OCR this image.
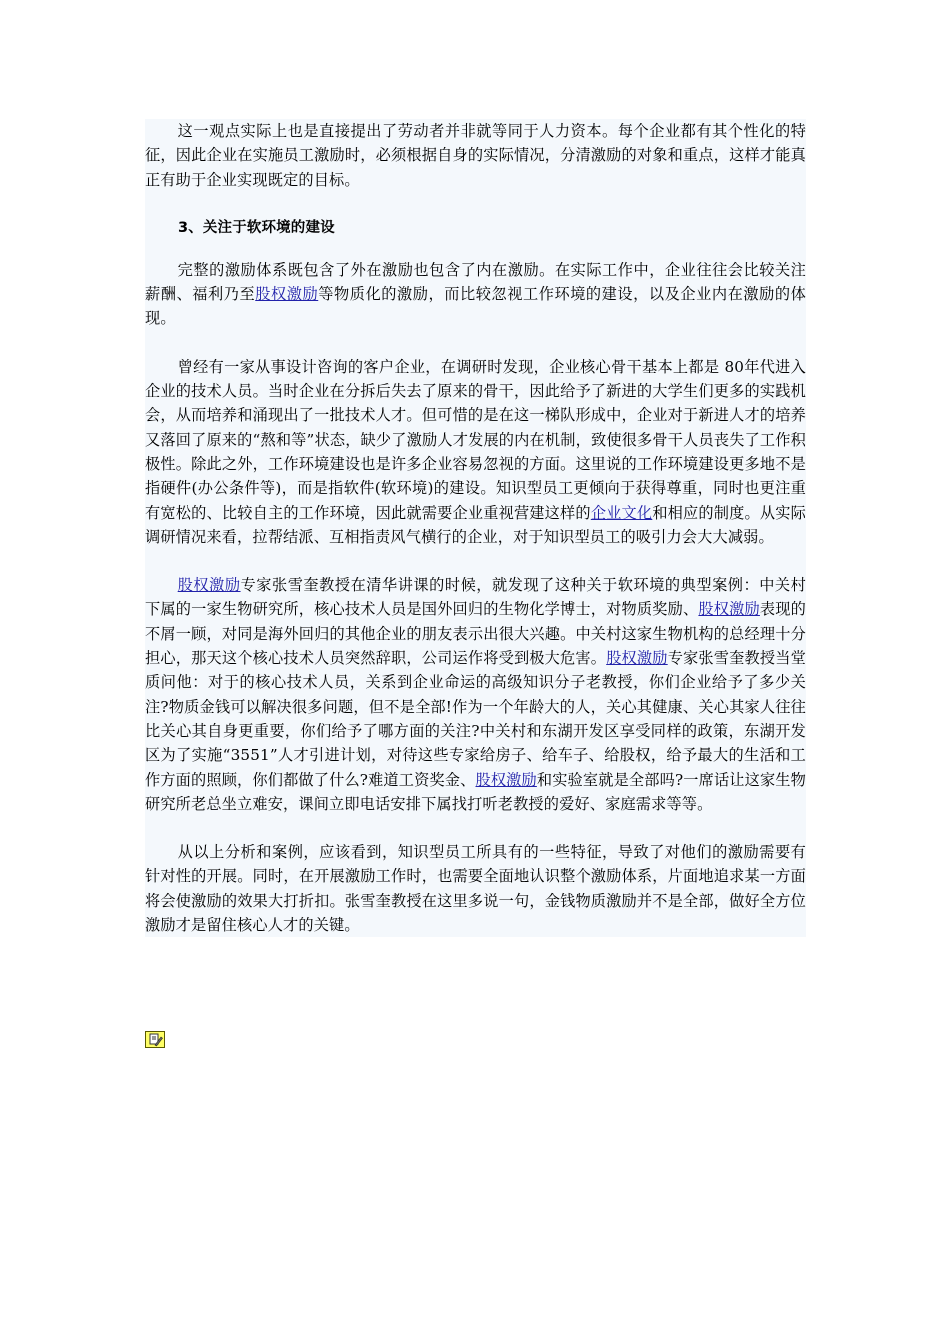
这一观点实际上也是直接提出了劳动者并非就等同于人力资本。每个企业都有其个性化的特征，因此企业在实施员工激励时，必须根据自身的实际情况，分清激励的对象和重点，这样才能真正有助于企业实现既定的目标。

3、关注于软环境的建设

完整的激励体系既包含了外在激励也包含了内在激励。在实际工作中，企业往往会比较关注薪酬、福利乃至股权激励等物质化的激励，而比较忽视工作环境的建设，以及企业内在激励的体现。

曾经有一家从事设计咨询的客户企业，在调研时发现，企业核心骨干基本上都是 80年代进入企业的技术人员。当时企业在分拆后失去了原来的骨干，因此给予了新进的大学生们更多的实践机会，从而培养和涌现出了一批技术人才。但可惜的是在这一梯队形成中，企业对于新进人才的培养又落回了原来的“熬和等”状态，缺少了激励人才发展的内在机制，致使很多骨干人员丧失了工作积极性。除此之外，工作环境建设也是许多企业容易忽视的方面。这里说的工作环境建设更多地不是指硬件(办公条件等)，而是指软件(软环境)的建设。知识型员工更倾向于获得尊重，同时也更注重有宽松的、比较自主的工作环境，因此就需要企业重视营建这样的企业文化和相应的制度。从实际调研情况来看，拉帮结派、互相指责风气横行的企业，对于知识型员工的吸引力会大大减弱。

股权激励专家张雪奎教授在清华讲课的时候，就发现了这种关于软环境的典型案例：中关村下属的一家生物研究所，核心技术人员是国外回归的生物化学博士，对物质奖励、股权激励表现的不屑一顾，对同是海外回归的其他企业的朋友表示出很大兴趣。中关村这家生物机构的总经理十分担心，那天这个核心技术人员突然辞职，公司运作将受到极大危害。股权激励专家张雪奎教授当堂质问他：对于的核心技术人员，关系到企业命运的高级知识分子老教授，你们企业给予了多少关注?物质金钱可以解决很多问题，但不是全部!作为一个年龄大的人，关心其健康、关心其家人往往比关心其自身更重要，你们给予了哪方面的关注?中关村和东湖开发区享受同样的政策，东湖开发区为了实施“3551”人才引进计划，对待这些专家给房子、给车子、给股权，给予最大的生活和工作方面的照顾，你们都做了什么?难道工资奖金、股权激励和实验室就是全部吗?一席话让这家生物研究所老总坐立难安，课间立即电话安排下属找打听老教授的爱好、家庭需求等等。

从以上分析和案例，应该看到，知识型员工所具有的一些特征，导致了对他们的激励需要有针对性的开展。同时，在开展激励工作时，也需要全面地认识整个激励体系，片面地追求某一方面将会使激励的效果大打折扣。张雪奎教授在这里多说一句，金钱物质激励并不是全部，做好全方位激励才是留住核心人才的关键。
